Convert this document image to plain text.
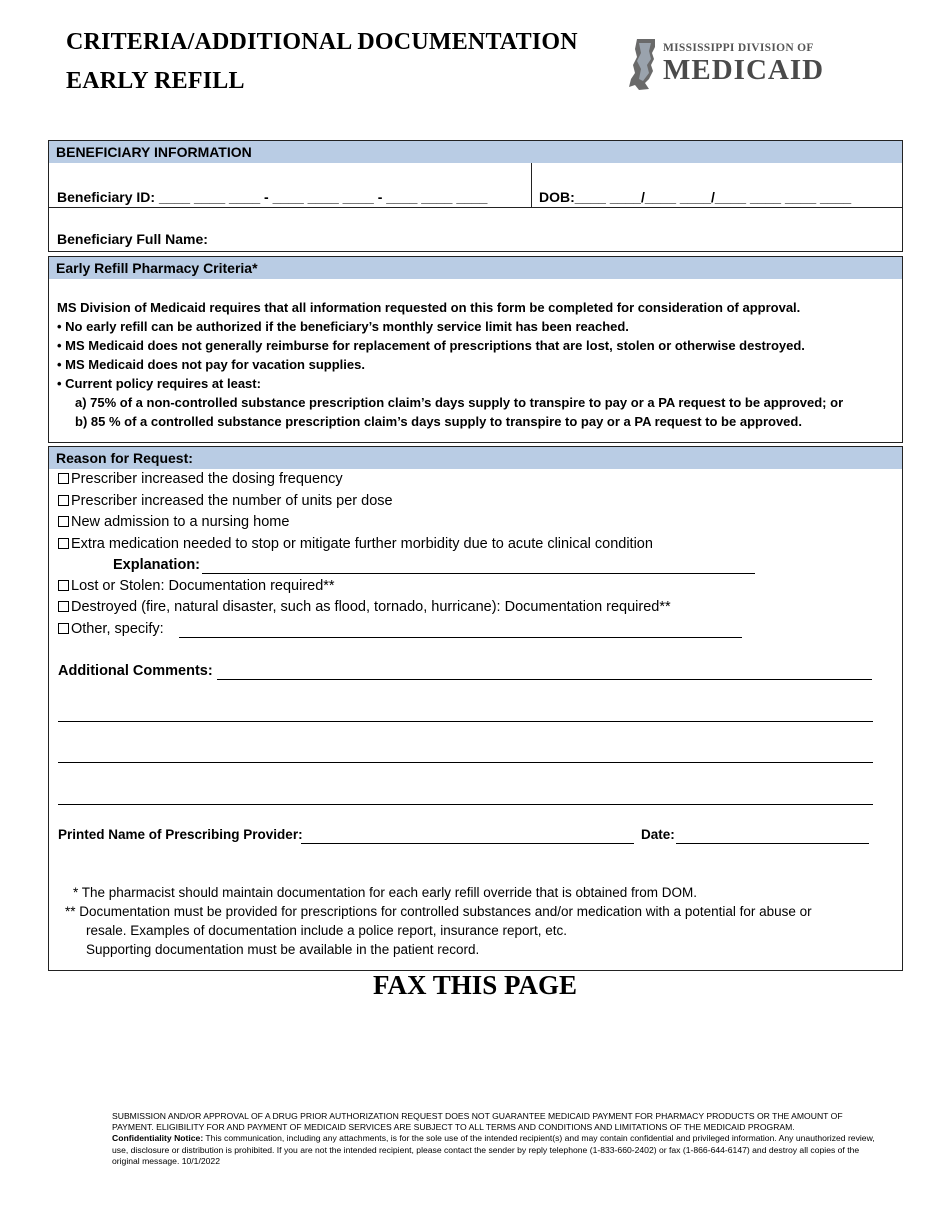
CRITERIA/ADDITIONAL DOCUMENTATION
EARLY REFILL
MISSISSIPPI DIVISION OF
MEDICAID
BENEFICIARY INFORMATION
Beneficiary ID: ____ ____ ____ - ____ ____ ____ - ____ ____ ____	DOB:____ ____/____ ____/____ ____ ____ ____
Beneficiary Full Name:
Early Refill Pharmacy Criteria*
MS Division of Medicaid requires that all information requested on this form be completed for consideration of approval.
• No early refill can be authorized if the beneficiary’s monthly service limit has been reached.
• MS Medicaid does not generally reimburse for replacement of prescriptions that are lost, stolen or otherwise destroyed.
• MS Medicaid does not pay for vacation supplies.
• Current policy requires at least:
a) 75% of a non-controlled substance prescription claim’s days supply to transpire to pay or a PA request to be approved; or
b) 85 % of a controlled substance prescription claim’s days supply to transpire to pay or a PA request to be approved.
Reason for Request:
Prescriber increased the dosing frequency
Prescriber increased the number of units per dose
New admission to a nursing home
Extra medication needed to stop or mitigate further morbidity due to acute clinical condition
Explanation:
Lost or Stolen: Documentation required**
Destroyed (fire, natural disaster, such as flood, tornado, hurricane): Documentation required**
Other, specify:
Additional Comments:
Printed Name of Prescribing Provider:	Date:
* The pharmacist should maintain documentation for each early refill override that is obtained from DOM.
** Documentation must be provided for prescriptions for controlled substances and/or medication with a potential for abuse or
resale. Examples of documentation include a police report, insurance report, etc.
Supporting documentation must be available in the patient record.
FAX THIS PAGE
SUBMISSION AND/OR APPROVAL OF A DRUG PRIOR AUTHORIZATION REQUEST DOES NOT GUARANTEE MEDICAID PAYMENT FOR PHARMACY PRODUCTS OR THE AMOUNT OF PAYMENT. ELIGIBILITY FOR AND PAYMENT OF MEDICAID SERVICES ARE SUBJECT TO ALL TERMS AND CONDITIONS AND LIMITATIONS OF THE MEDICAID PROGRAM.
Confidentiality Notice: This communication, including any attachments, is for the sole use of the intended recipient(s) and may contain confidential and privileged information. Any unauthorized review, use, disclosure or distribution is prohibited. If you are not the intended recipient, please contact the sender by reply telephone (1-833-660-2402) or fax (1-866-644-6147) and destroy all copies of the original message. 10/1/2022
